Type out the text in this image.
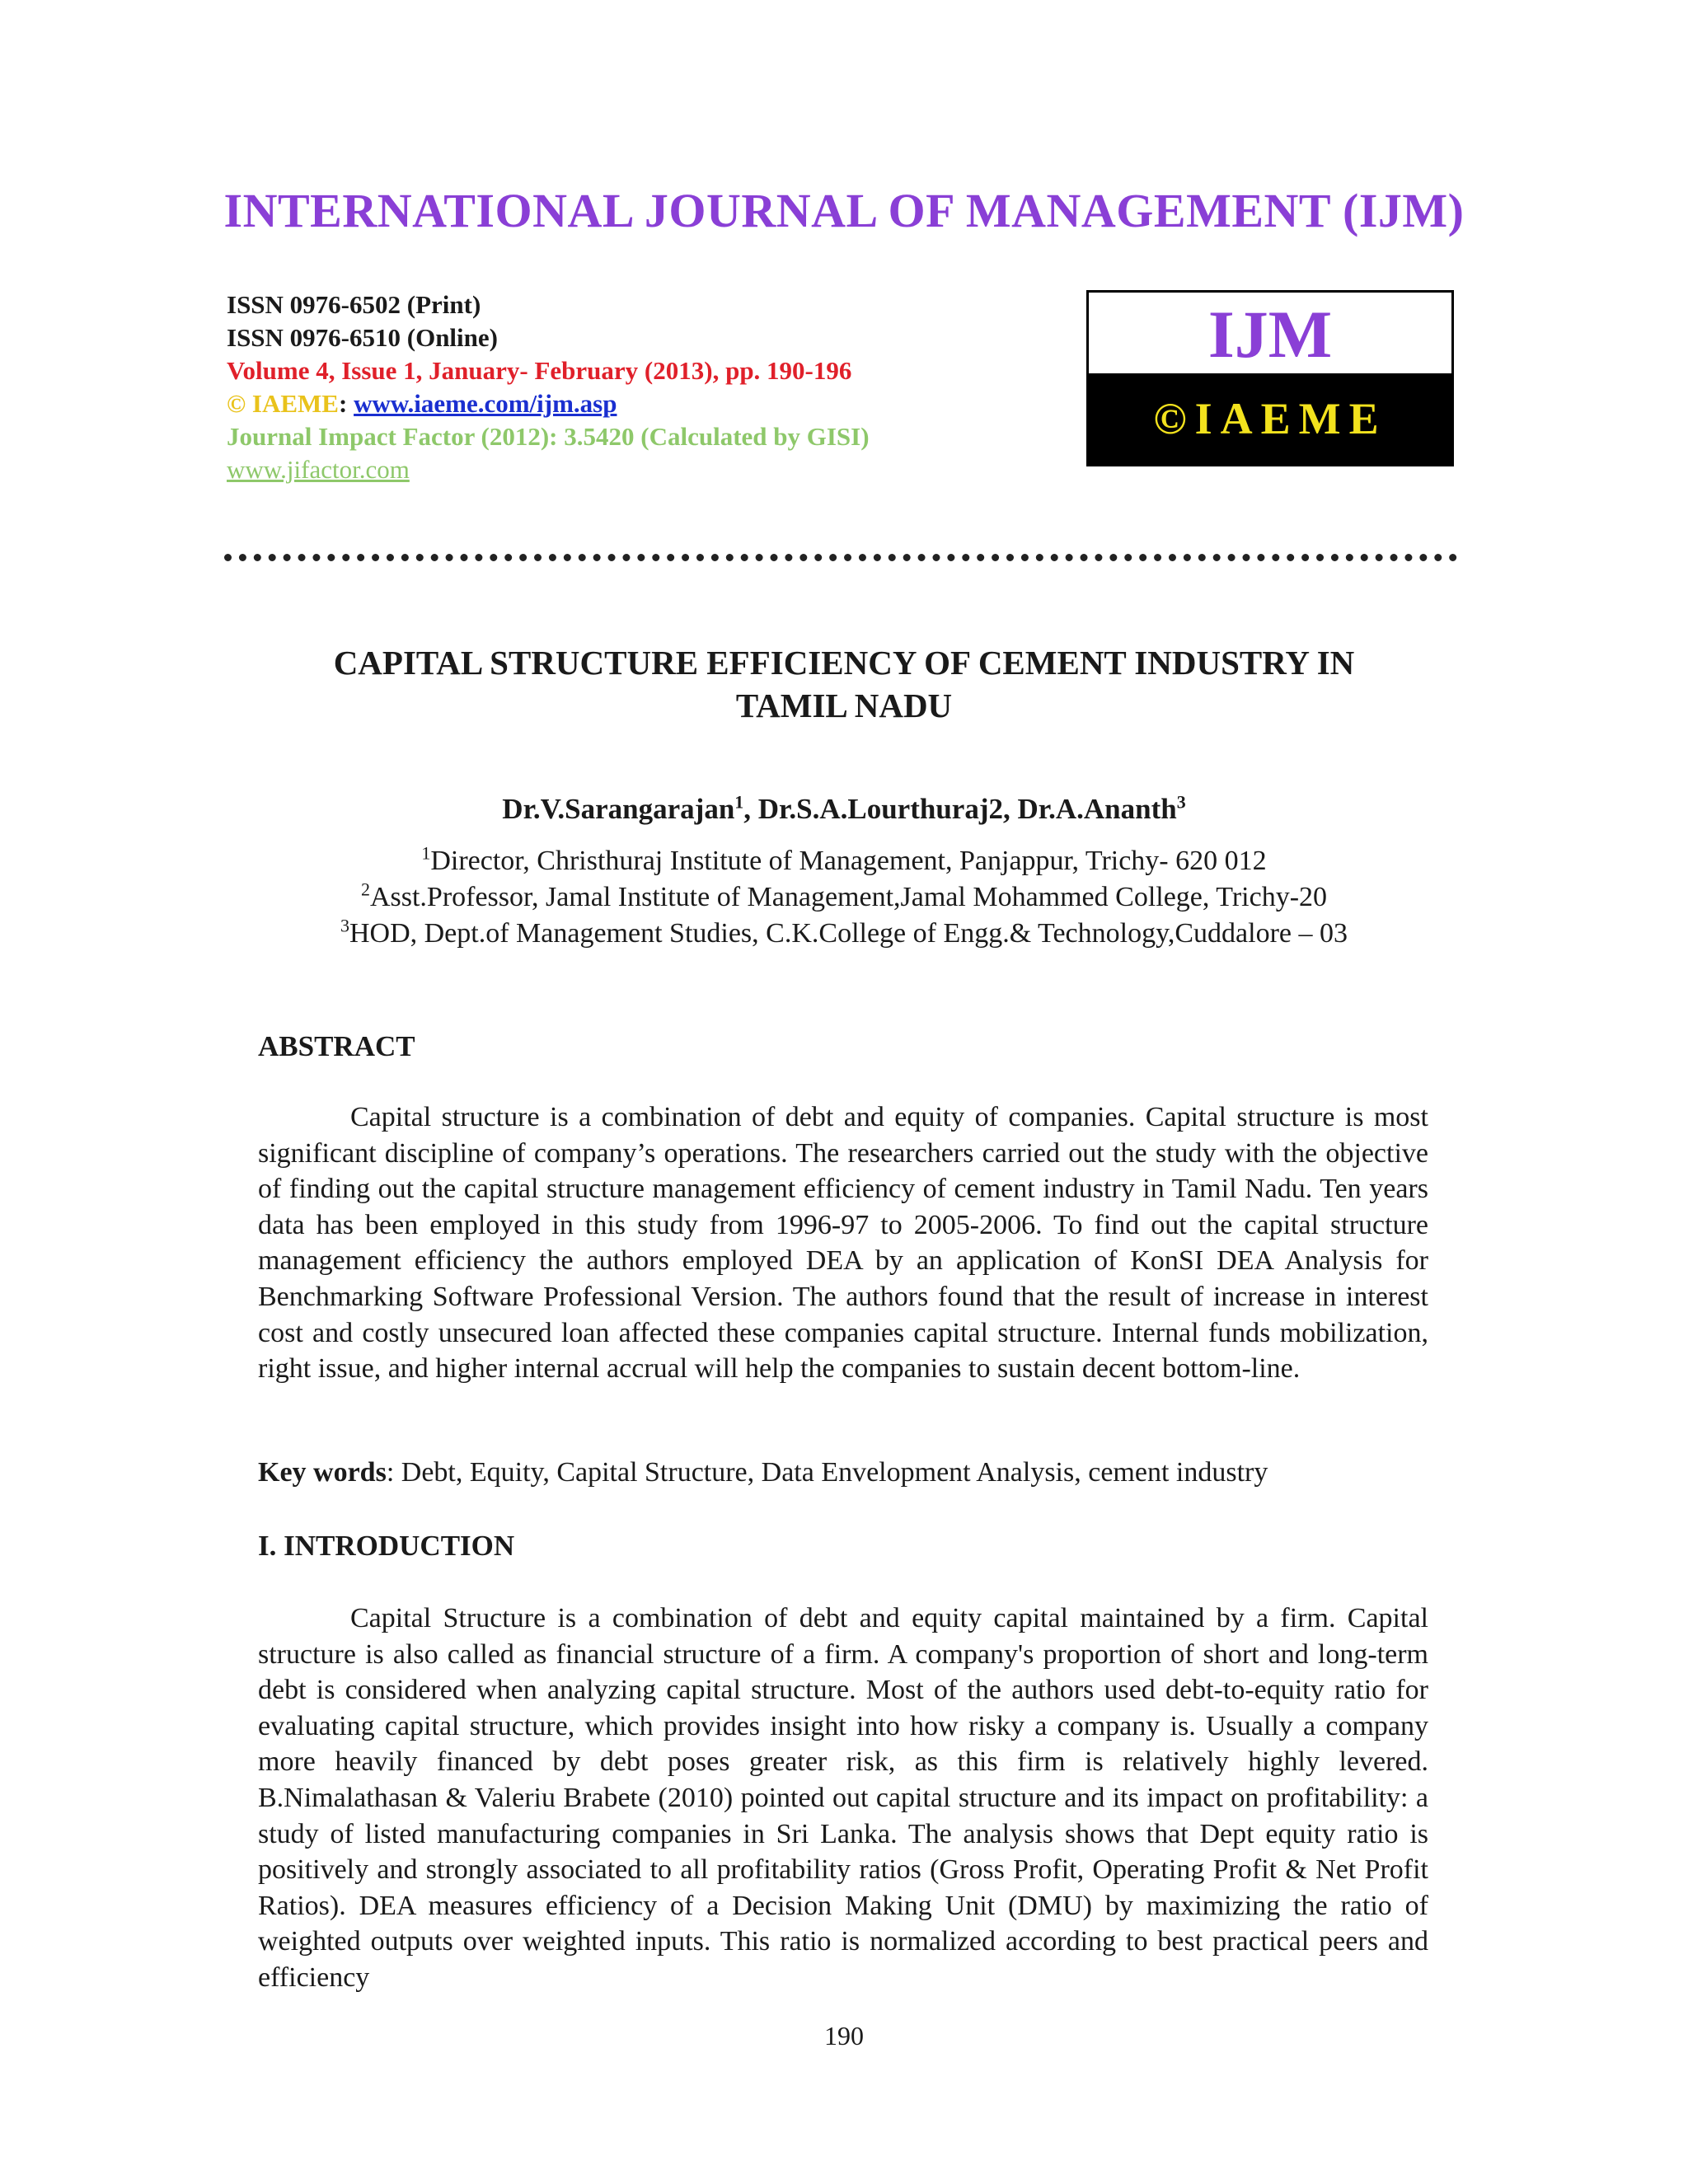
INTERNATIONAL JOURNAL OF MANAGEMENT (IJM)
ISSN 0976-6502 (Print)
ISSN 0976-6510 (Online)
Volume 4, Issue 1, January- February (2013), pp. 190-196
© IAEME: www.iaeme.com/ijm.asp
Journal Impact Factor (2012): 3.5420 (Calculated by GISI)
www.jifactor.com
IJM
©IAEME
CAPITAL STRUCTURE EFFICIENCY OF CEMENT INDUSTRY IN
TAMIL NADU
Dr.V.Sarangarajan$^1$, Dr.S.A.Lourthuraj2, Dr.A.Ananth$^3$
$^1$Director, Christhuraj Institute of Management, Panjappur, Trichy- 620 012
$^2$Asst.Professor, Jamal Institute of Management,Jamal Mohammed College, Trichy-20
$^3$HOD, Dept.of Management Studies, C.K.College of Engg.& Technology,Cuddalore – 03
ABSTRACT
Capital structure is a combination of debt and equity of companies. Capital structure is most significant discipline of company’s operations. The researchers carried out the study with the objective of finding out the capital structure management efficiency of cement industry in Tamil Nadu. Ten years data has been employed in this study from 1996-97 to 2005-2006. To find out the capital structure management efficiency the authors employed DEA by an application of KonSI DEA Analysis for Benchmarking Software Professional Version. The authors found that the result of increase in interest cost and costly unsecured loan affected these companies capital structure. Internal funds mobilization, right issue, and higher internal accrual will help the companies to sustain decent bottom-line.
Key words: Debt, Equity, Capital Structure, Data Envelopment Analysis, cement industry
I. INTRODUCTION
Capital Structure is a combination of debt and equity capital maintained by a firm. Capital structure is also called as financial structure of a firm. A company's proportion of short and long-term debt is considered when analyzing capital structure. Most of the authors used debt-to-equity ratio for evaluating capital structure, which provides insight into how risky a company is. Usually a company more heavily financed by debt poses greater risk, as this firm is relatively highly levered. B.Nimalathasan & Valeriu Brabete (2010) pointed out capital structure and its impact on profitability: a study of listed manufacturing companies in Sri Lanka. The analysis shows that Dept equity ratio is positively and strongly associated to all profitability ratios (Gross Profit, Operating Profit & Net Profit Ratios). DEA measures efficiency of a Decision Making Unit (DMU) by maximizing the ratio of weighted outputs over weighted inputs. This ratio is normalized according to best practical peers and efficiency
190
